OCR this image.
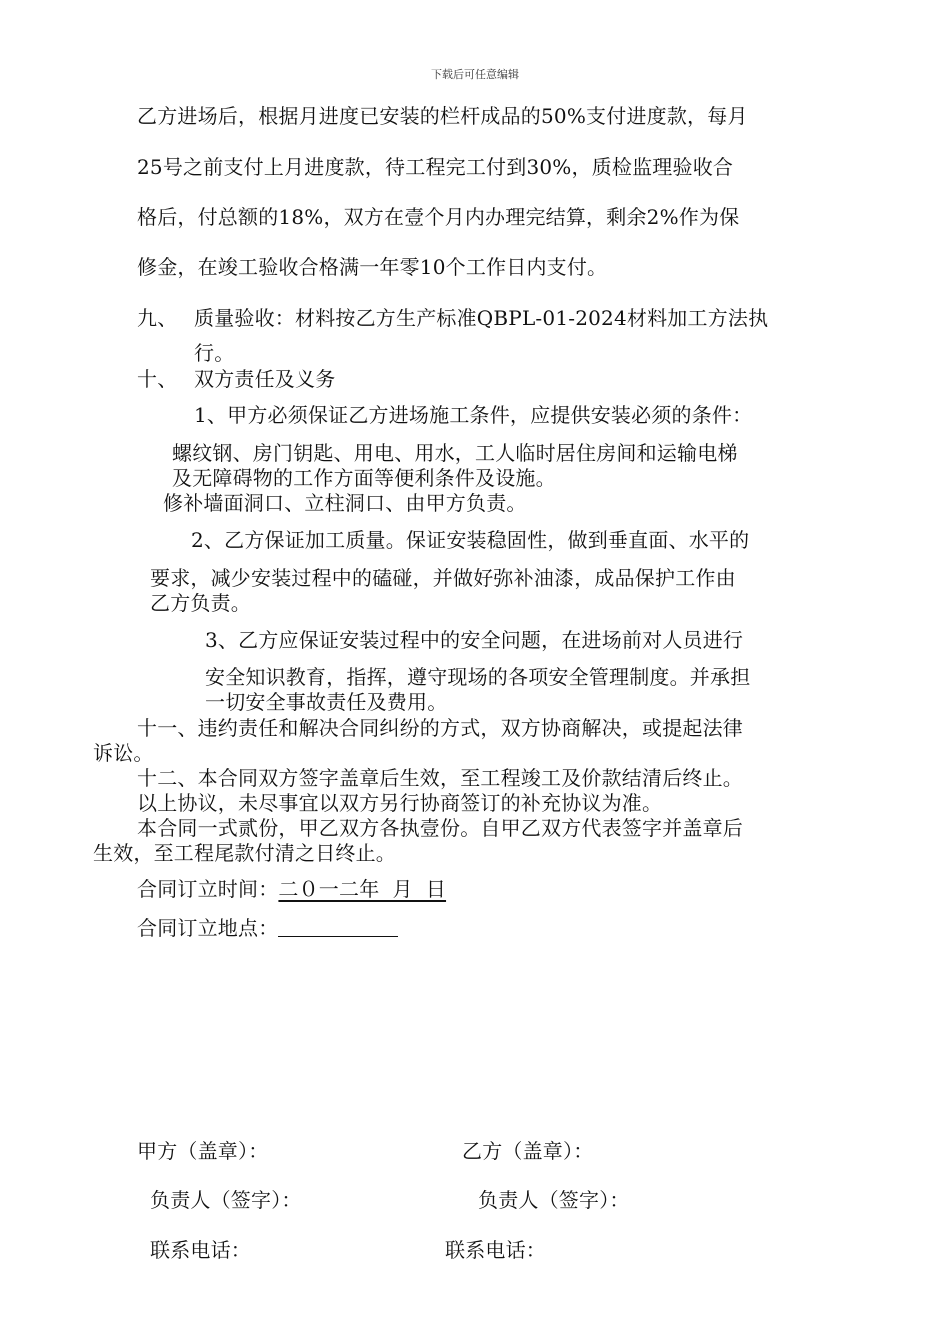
下载后可任意编辑
乙方进场后，根据月进度已安装的栏杆成品的50%支付进度款，每月
25号之前支付上月进度款，待工程完工付到30%，质检监理验收合
格后，付总额的18%，双方在壹个月内办理完结算，剩余2%作为保
修金，在竣工验收合格满一年零10个工作日内支付。
九、 质量验收：材料按乙方生产标准QBPL-01-2024材料加工方法执
行。
十、 双方责任及义务
1、甲方必须保证乙方进场施工条件，应提供安装必须的条件：
螺纹钢、房门钥匙、用电、用水，工人临时居住房间和运输电梯
及无障碍物的工作方面等便利条件及设施。
修补墙面洞口、立柱洞口、由甲方负责。
2、乙方保证加工质量。保证安装稳固性，做到垂直面、水平的
要求，减少安装过程中的磕碰，并做好弥补油漆，成品保护工作由
乙方负责。
3、乙方应保证安装过程中的安全问题，在进场前对人员进行
安全知识教育，指挥，遵守现场的各项安全管理制度。并承担
一切安全事故责任及费用。
十一、违约责任和解决合同纠纷的方式，双方协商解决，或提起法律
诉讼。
十二、本合同双方签字盖章后生效，至工程竣工及价款结清后终止。
以上协议，未尽事宜以双方另行协商签订的补充协议为准。
本合同一式贰份，甲乙双方各执壹份。自甲乙双方代表签字并盖章后
生效，至工程尾款付清之日终止。
合同订立时间：二０一二年  月  日
合同订立地点：
甲方（盖章）：	乙方（盖章）：
负责人（签字）：	负责人（签字）：
联系电话：	联系电话：
